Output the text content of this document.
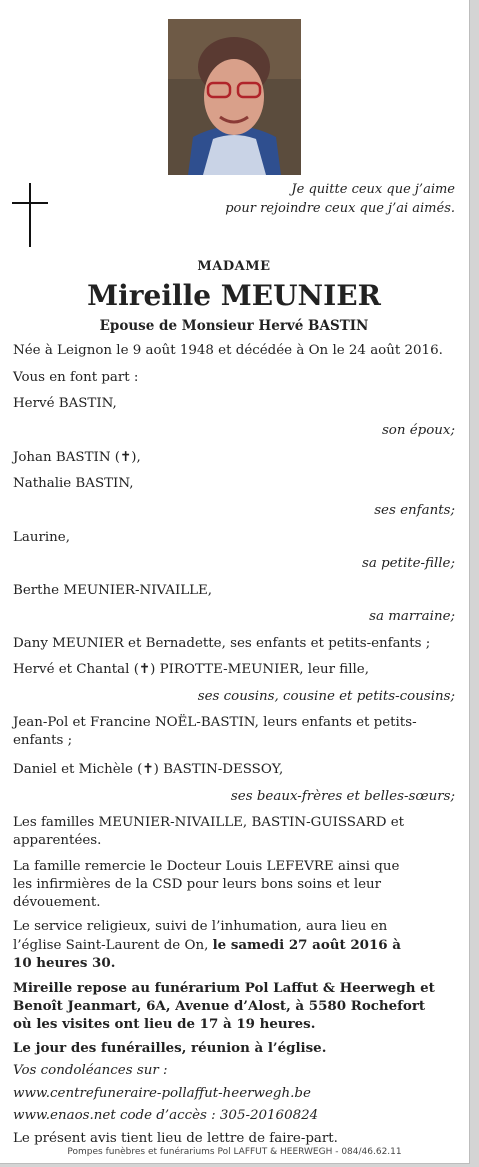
Je quitte ceux que j’aime
pour rejoindre ceux que j’ai aimés.
MADAME
Mireille MEUNIER
Epouse de Monsieur Hervé BASTIN
Née à Leignon le 9 août 1948 et décédée à On le 24 août 2016.
Vous en font part :
Hervé BASTIN,
son époux;
Johan BASTIN (✝),
Nathalie BASTIN,
ses enfants;
Laurine,
sa petite-fille;
Berthe MEUNIER-NIVAILLE,
sa marraine;
Dany MEUNIER et Bernadette, ses enfants et petits-enfants ;
Hervé et Chantal (✝) PIROTTE-MEUNIER, leur fille,
ses cousins, cousine et petits-cousins;
Jean-Pol et Francine NOËL-BASTIN, leurs enfants et petits-
enfants ;
Daniel et Michèle (✝) BASTIN-DESSOY,
ses beaux-frères et belles-sœurs;
Les familles MEUNIER-NIVAILLE, BASTIN-GUISSARD et
apparentées.
La famille remercie le Docteur Louis LEFEVRE ainsi que
les infirmières de la CSD pour leurs bons soins et leur
dévouement.
Le service religieux, suivi de l’inhumation, aura lieu en
l’église Saint-Laurent de On, le samedi 27 août 2016 à
10 heures 30.
Mireille repose au funérarium Pol Laffut & Heerwegh et
Benoît Jeanmart, 6A, Avenue d’Alost, à 5580 Rochefort
où les visites ont lieu de 17 à 19 heures.
Le jour des funérailles, réunion à l’église.
Vos condoléances sur :
www.centrefuneraire-pollaffut-heerwegh.be
www.enaos.net code d’accès : 305-20160824
Le présent avis tient lieu de lettre de faire-part.
Pompes funèbres et funérariums Pol LAFFUT & HEERWEGH - 084/46.62.11
